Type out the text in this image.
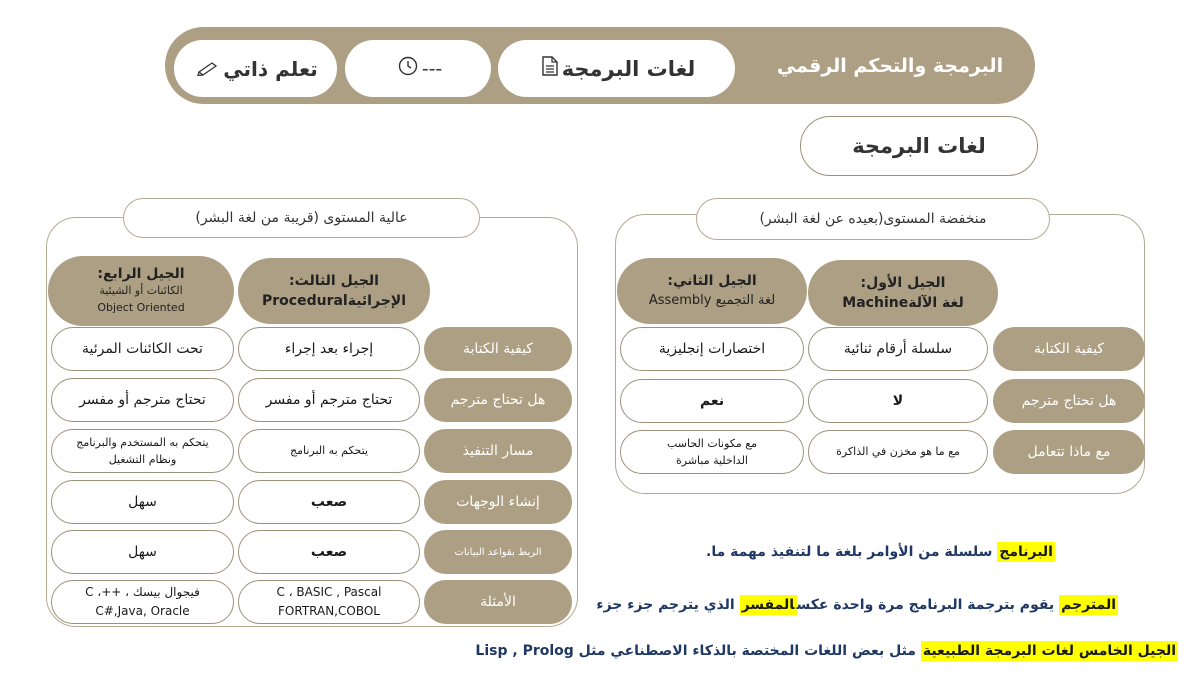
البرمجة والتحكم الرقمي
لغات البرمجة
---
تعلم ذاتي
لغات البرمجة
منخفضة المستوى(بعيده عن لغة البشر)
الجيل الأول:
لغة الآلةMachine
الجيل الثاني:
لغة التجميع Assembly
كيفية الكتابة
سلسلة أرقام ثنائية
اختصارات إنجليزية
هل تحتاج مترجم
لا
نعم
مع ماذا تتعامل
مع ما هو مخزن في الذاكرة
مع مكونات الحاسب الداخلية مباشرة
عالية المستوى (قريبة من لغة البشر)
الجيل الثالث:
الإجرائيةProcedural
الجيل الرابع:
الكائنات أو الشيئية
Object Oriented
كيفية الكتابة
إجراء بعد إجراء
تحت الكائنات المرئية
هل تحتاج مترجم
تحتاج مترجم أو مفسر
تحتاج مترجم أو مفسر
مسار التنفيذ
يتحكم به البرنامج
يتحكم به المستخدم والبرنامج ونظام التشغيل
إنشاء الوجهات
صعب
سهل
الربط بقواعد البيانات
صعب
سهل
الأمثلة
C ، BASIC , Pascal FORTRAN,COBOL
فيجوال بيسك ، ++C ، C#,Java, Oracle
البرنامج سلسلة من الأوامر بلغة ما لتنفيذ مهمة ما.
المترجم يقوم بترجمة البرنامج مرة واحدة عكسالمفسر الذي يترجم جزء جزء
الجيل الخامس لغات البرمجة الطبيعية مثل بعض اللغات المختصة بالذكاء الاصطناعي مثل Lisp , Prolog
